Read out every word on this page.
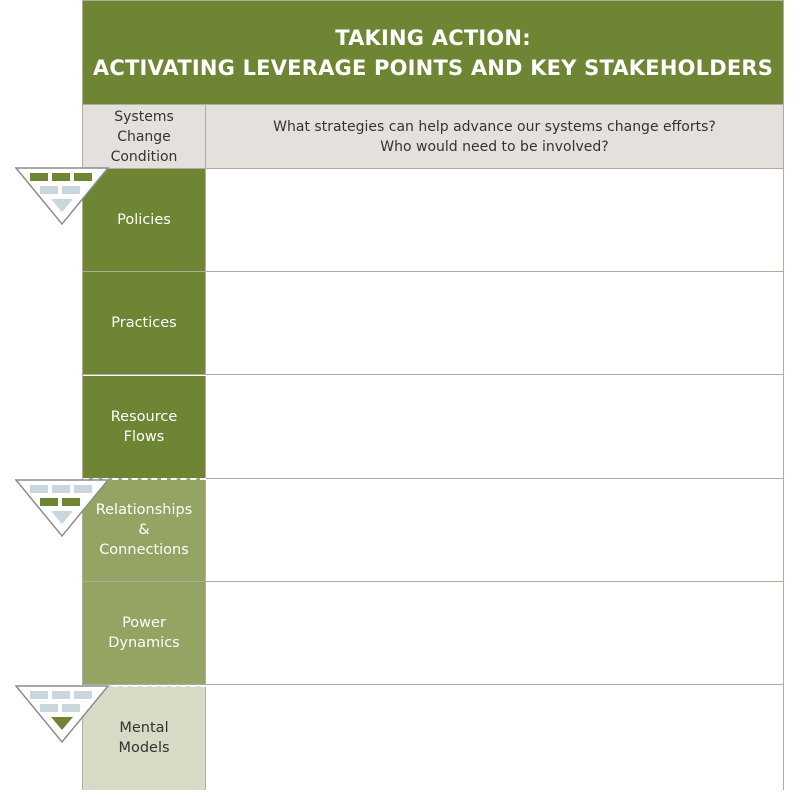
TAKING ACTION:
ACTIVATING LEVERAGE POINTS AND KEY STAKEHOLDERS
Systems
Change
Condition
What strategies can help advance our systems change efforts?
Who would need to be involved?
Policies
Practices
Resource
Flows
Relationships
&
Connections
Power
Dynamics
Mental
Models
